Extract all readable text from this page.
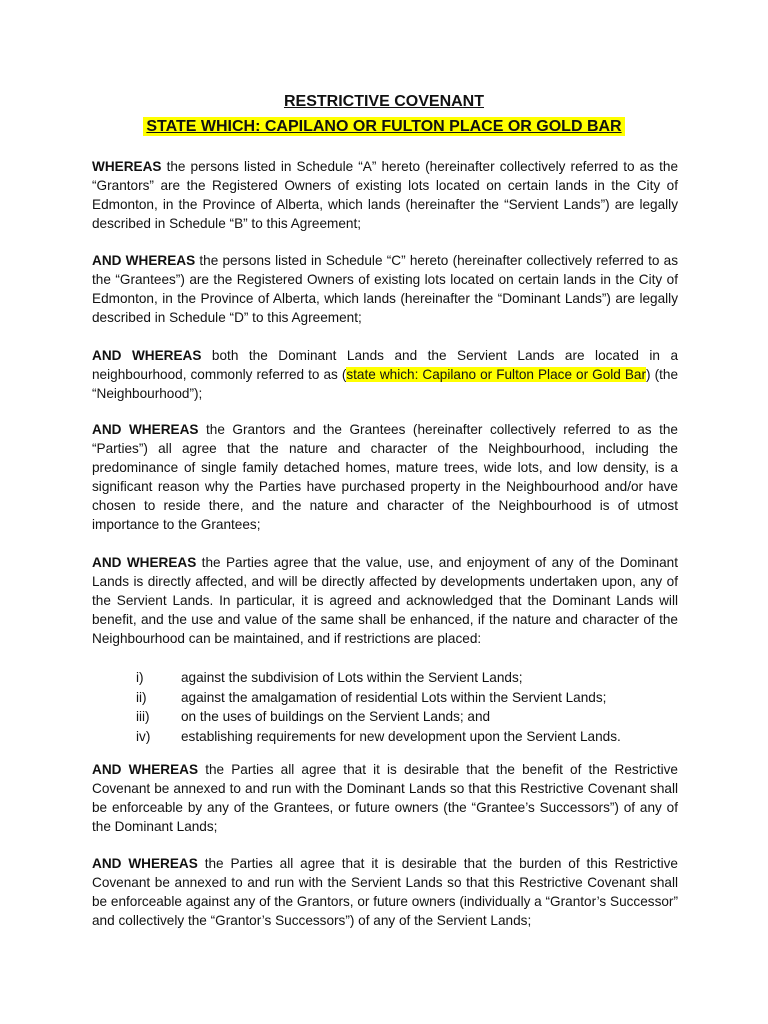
RESTRICTIVE COVENANT
STATE WHICH: CAPILANO OR FULTON PLACE OR GOLD BAR
WHEREAS the persons listed in Schedule “A” hereto (hereinafter collectively referred to as the “Grantors” are the Registered Owners of existing lots located on certain lands in the City of Edmonton, in the Province of Alberta, which lands (hereinafter the “Servient Lands”) are legally described in Schedule “B” to this Agreement;
AND WHEREAS the persons listed in Schedule “C” hereto (hereinafter collectively referred to as the “Grantees”) are the Registered Owners of existing lots located on certain lands in the City of Edmonton, in the Province of Alberta, which lands (hereinafter the “Dominant Lands”) are legally described in Schedule “D” to this Agreement;
AND WHEREAS both the Dominant Lands and the Servient Lands are located in a neighbourhood, commonly referred to as (state which: Capilano or Fulton Place or Gold Bar) (the “Neighbourhood”);
AND WHEREAS the Grantors and the Grantees (hereinafter collectively referred to as the “Parties”) all agree that the nature and character of the Neighbourhood, including the predominance of single family detached homes, mature trees, wide lots, and low density, is a significant reason why the Parties have purchased property in the Neighbourhood and/or have chosen to reside there, and the nature and character of the Neighbourhood is of utmost importance to the Grantees;
AND WHEREAS the Parties agree that the value, use, and enjoyment of any of the Dominant Lands is directly affected, and will be directly affected by developments undertaken upon, any of the Servient Lands. In particular, it is agreed and acknowledged that the Dominant Lands will benefit, and the use and value of the same shall be enhanced, if the nature and character of the Neighbourhood can be maintained, and if restrictions are placed:
i)	against the subdivision of Lots within the Servient Lands;
ii)	against the amalgamation of residential Lots within the Servient Lands;
iii)	on the uses of buildings on the Servient Lands; and
iv)	establishing requirements for new development upon the Servient Lands.
AND WHEREAS the Parties all agree that it is desirable that the benefit of the Restrictive Covenant be annexed to and run with the Dominant Lands so that this Restrictive Covenant shall be enforceable by any of the Grantees, or future owners (the “Grantee’s Successors”) of any of the Dominant Lands;
AND WHEREAS the Parties all agree that it is desirable that the burden of this Restrictive Covenant be annexed to and run with the Servient Lands so that this Restrictive Covenant shall be enforceable against any of the Grantors, or future owners (individually a “Grantor’s Successor” and collectively the “Grantor’s Successors”) of any of the Servient Lands;
